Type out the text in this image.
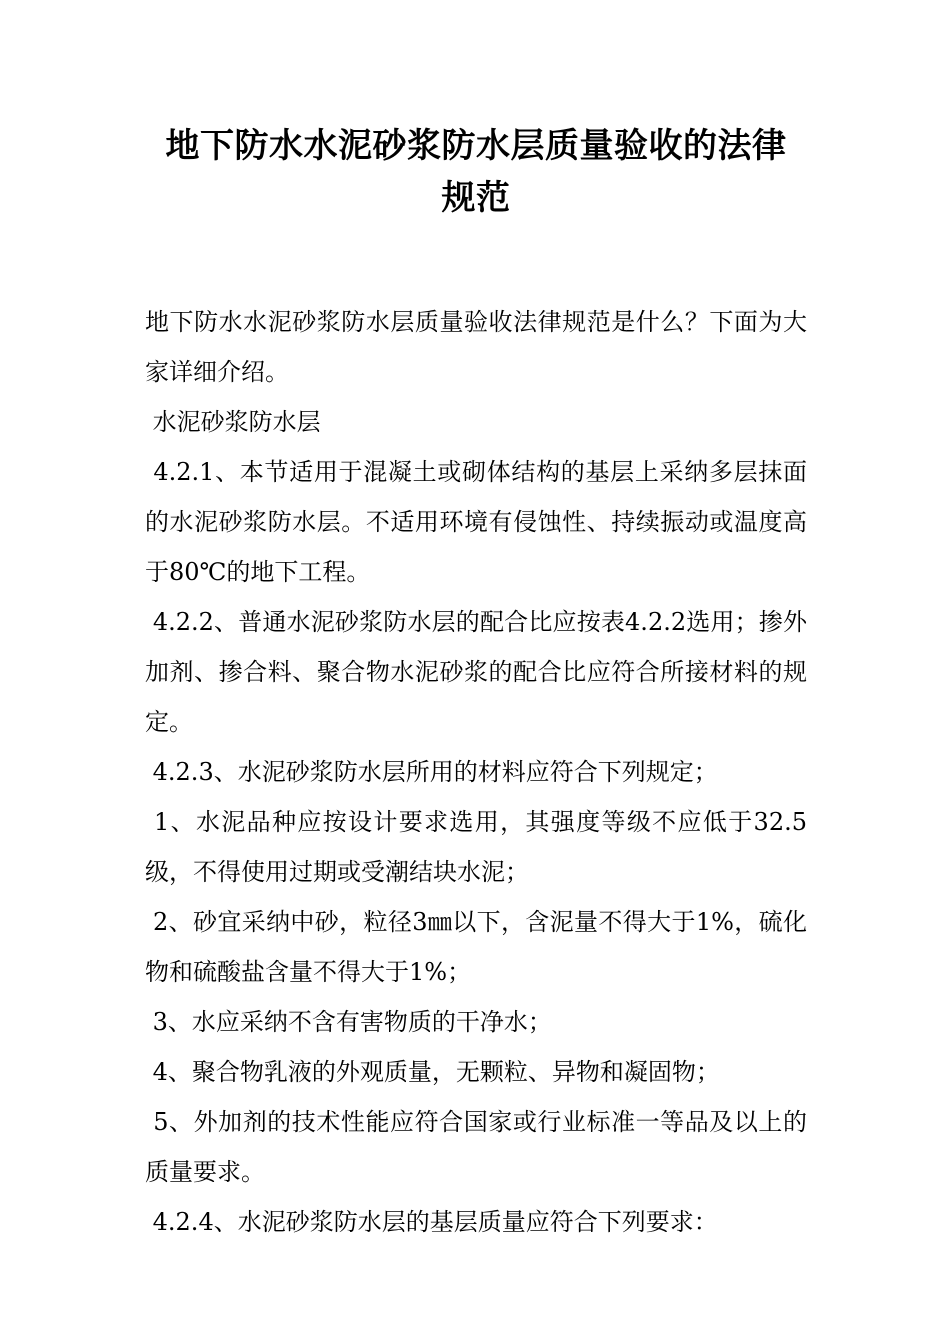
地下防水水泥砂浆防水层质量验收的法律
规范

地下防水水泥砂浆防水层质量验收法律规范是什么？下面为大家详细介绍。

水泥砂浆防水层

4.2.1、本节适用于混凝土或砌体结构的基层上采纳多层抹面的水泥砂浆防水层。不适用环境有侵蚀性、持续振动或温度高于80℃的地下工程。

4.2.2、普通水泥砂浆防水层的配合比应按表4.2.2选用；掺外加剂、掺合料、聚合物水泥砂浆的配合比应符合所接材料的规定。

4.2.3、水泥砂浆防水层所用的材料应符合下列规定；

1、水泥品种应按设计要求选用，其强度等级不应低于32.5级，不得使用过期或受潮结块水泥；

2、砂宜采纳中砂，粒径3㎜以下，含泥量不得大于1%，硫化物和硫酸盐含量不得大于1%；

3、水应采纳不含有害物质的干净水；

4、聚合物乳液的外观质量，无颗粒、异物和凝固物；

5、外加剂的技术性能应符合国家或行业标准一等品及以上的质量要求。

4.2.4、水泥砂浆防水层的基层质量应符合下列要求：
